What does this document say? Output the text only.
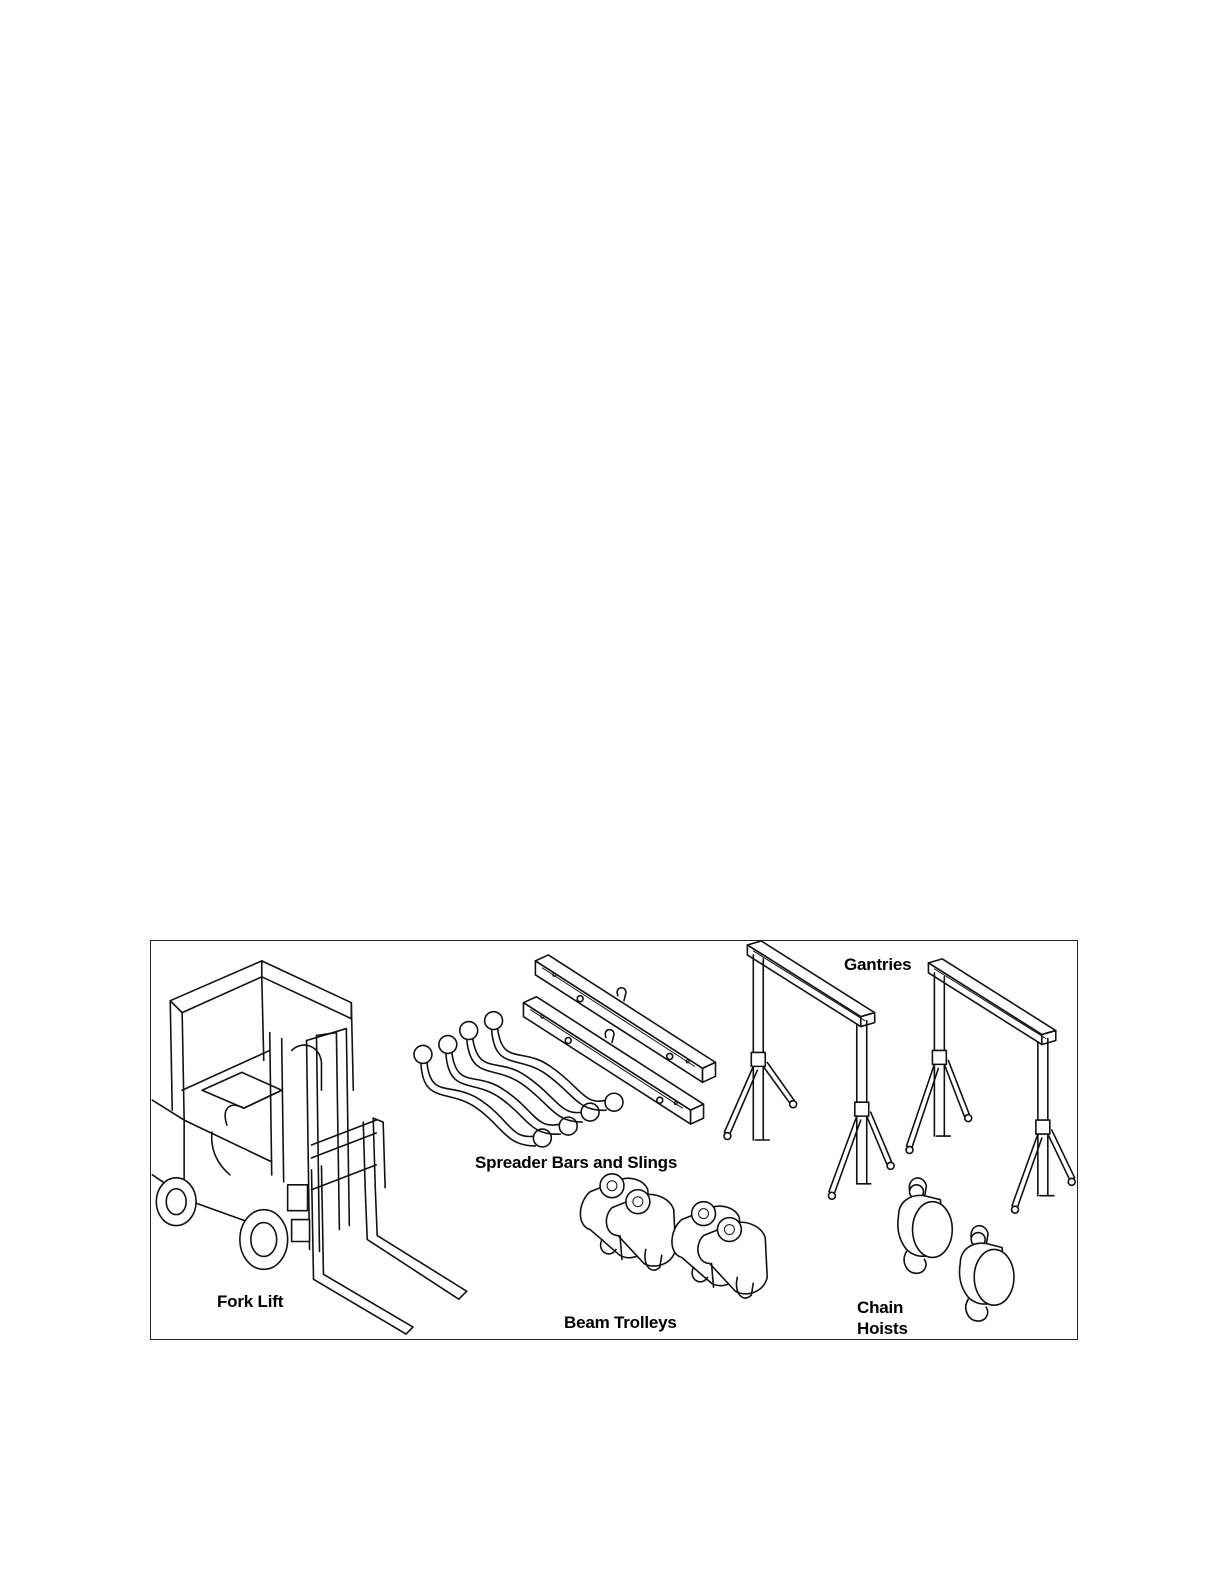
Spreader Bars and Slings
Gantries
Fork Lift
Beam Trolleys
Chain
Hoists
